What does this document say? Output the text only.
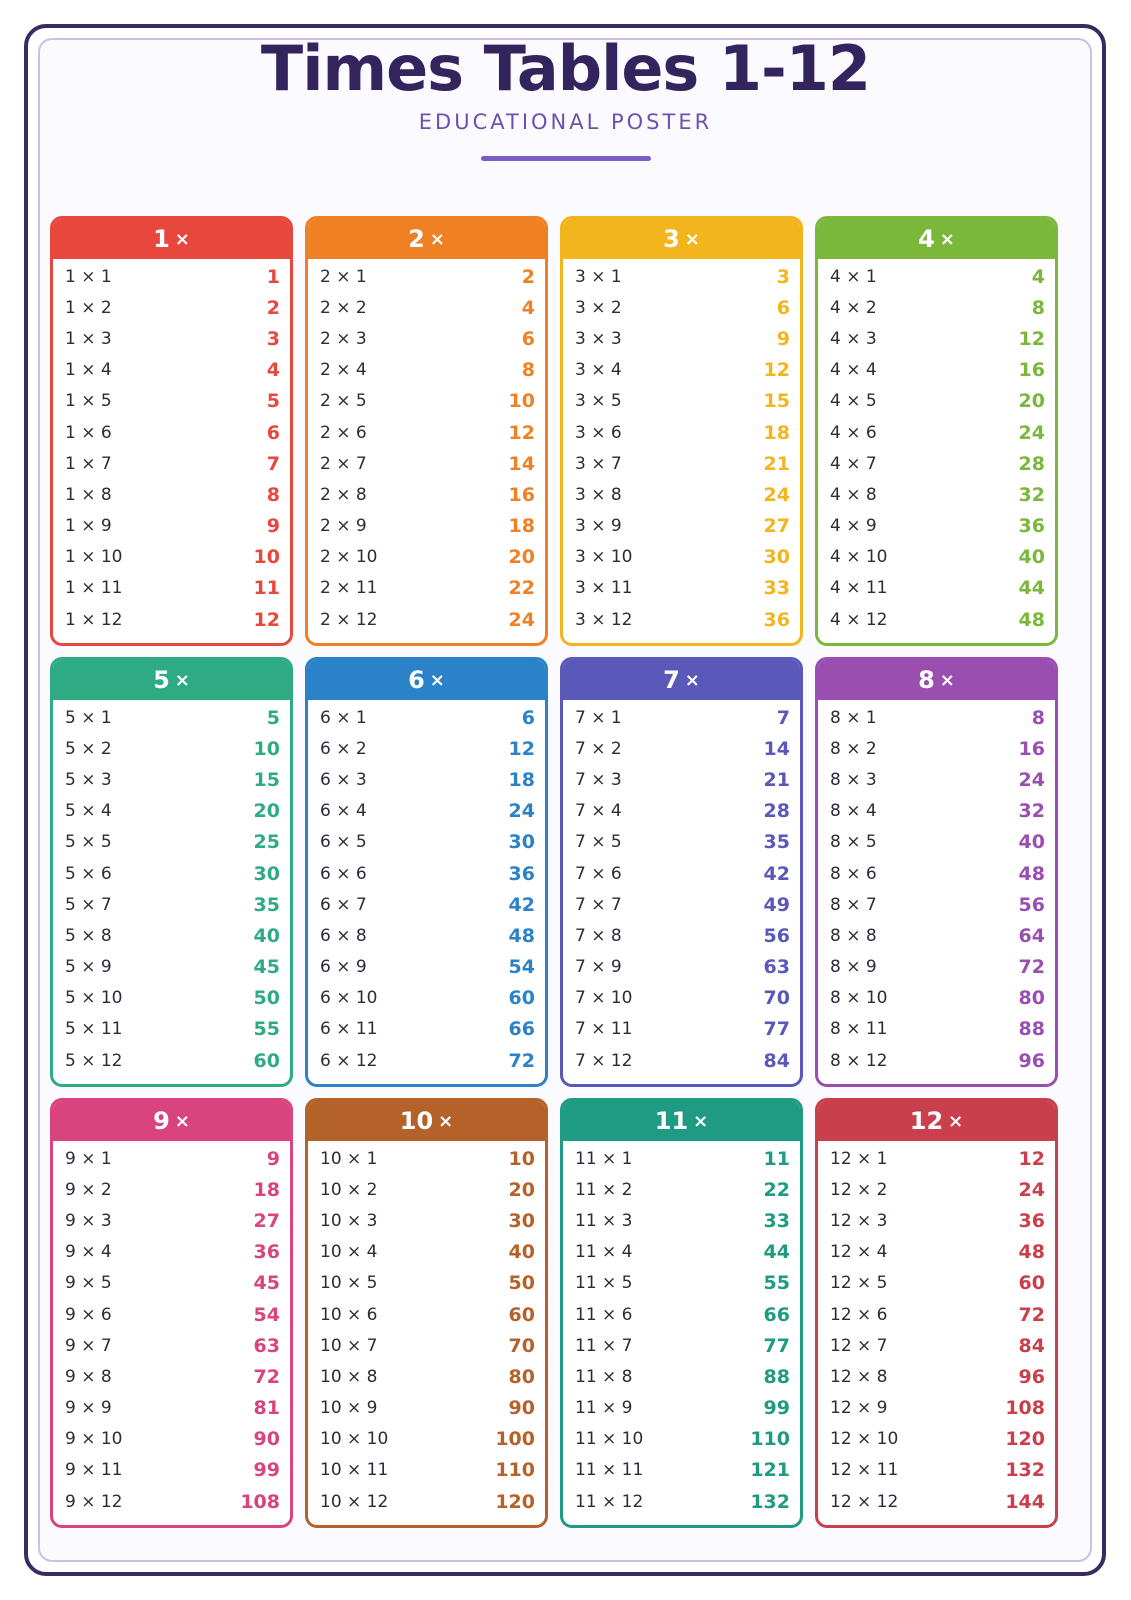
Times Tables 1-12
EDUCATIONAL POSTER
1 ×
1 × 1	1
1 × 2	2
1 × 3	3
1 × 4	4
1 × 5	5
1 × 6	6
1 × 7	7
1 × 8	8
1 × 9	9
1 × 10	10
1 × 11	11
1 × 12	12
2 ×
2 × 1	2
2 × 2	4
2 × 3	6
2 × 4	8
2 × 5	10
2 × 6	12
2 × 7	14
2 × 8	16
2 × 9	18
2 × 10	20
2 × 11	22
2 × 12	24
3 ×
3 × 1	3
3 × 2	6
3 × 3	9
3 × 4	12
3 × 5	15
3 × 6	18
3 × 7	21
3 × 8	24
3 × 9	27
3 × 10	30
3 × 11	33
3 × 12	36
4 ×
4 × 1	4
4 × 2	8
4 × 3	12
4 × 4	16
4 × 5	20
4 × 6	24
4 × 7	28
4 × 8	32
4 × 9	36
4 × 10	40
4 × 11	44
4 × 12	48
5 ×
5 × 1	5
5 × 2	10
5 × 3	15
5 × 4	20
5 × 5	25
5 × 6	30
5 × 7	35
5 × 8	40
5 × 9	45
5 × 10	50
5 × 11	55
5 × 12	60
6 ×
6 × 1	6
6 × 2	12
6 × 3	18
6 × 4	24
6 × 5	30
6 × 6	36
6 × 7	42
6 × 8	48
6 × 9	54
6 × 10	60
6 × 11	66
6 × 12	72
7 ×
7 × 1	7
7 × 2	14
7 × 3	21
7 × 4	28
7 × 5	35
7 × 6	42
7 × 7	49
7 × 8	56
7 × 9	63
7 × 10	70
7 × 11	77
7 × 12	84
8 ×
8 × 1	8
8 × 2	16
8 × 3	24
8 × 4	32
8 × 5	40
8 × 6	48
8 × 7	56
8 × 8	64
8 × 9	72
8 × 10	80
8 × 11	88
8 × 12	96
9 ×
9 × 1	9
9 × 2	18
9 × 3	27
9 × 4	36
9 × 5	45
9 × 6	54
9 × 7	63
9 × 8	72
9 × 9	81
9 × 10	90
9 × 11	99
9 × 12	108
10 ×
10 × 1	10
10 × 2	20
10 × 3	30
10 × 4	40
10 × 5	50
10 × 6	60
10 × 7	70
10 × 8	80
10 × 9	90
10 × 10	100
10 × 11	110
10 × 12	120
11 ×
11 × 1	11
11 × 2	22
11 × 3	33
11 × 4	44
11 × 5	55
11 × 6	66
11 × 7	77
11 × 8	88
11 × 9	99
11 × 10	110
11 × 11	121
11 × 12	132
12 ×
12 × 1	12
12 × 2	24
12 × 3	36
12 × 4	48
12 × 5	60
12 × 6	72
12 × 7	84
12 × 8	96
12 × 9	108
12 × 10	120
12 × 11	132
12 × 12	144
